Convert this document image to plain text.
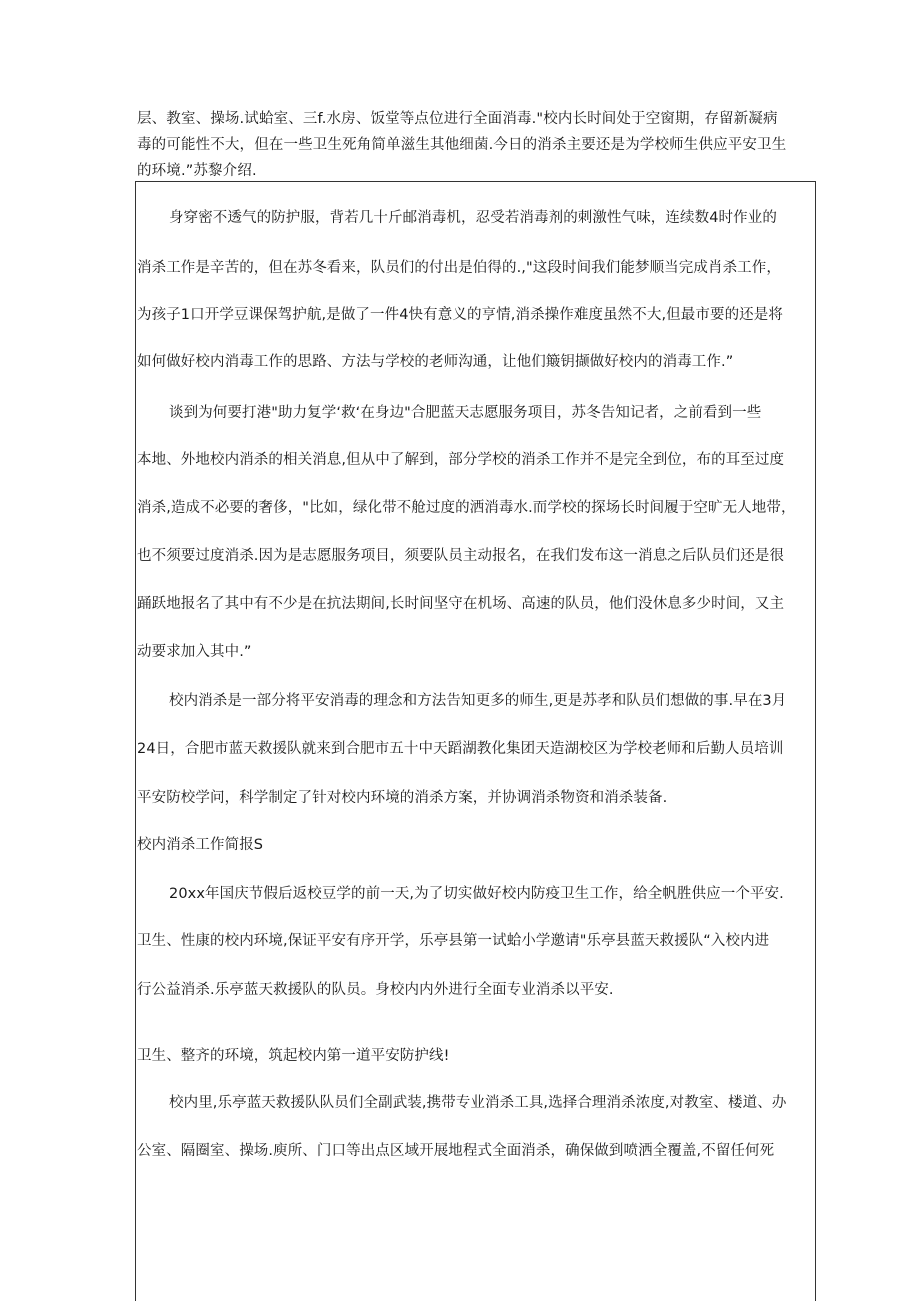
层、教室、操场.试蛤室、三f.水房、饭堂等点位进行全面消毒."校内长时间处于空窗期，存留新凝病

毒的可能性不大，但在一些卫生死角简单滋生其他细菌.今日的消杀主要还是为学校师生供应平安卫生

的环境.”苏黎介绍.

身穿密不透气的防护服，背若几十斤邮消毒机，忍受若消毒剂的刺激性气味，连续数4时作业的

消杀工作是辛苦的，但在苏冬看来，队员们的付出是伯得的.,"这段时间我们能梦顺当完成肖杀工作，

为孩子1口开学豆课保驾护航,是做了一件4快有意义的亨情,消杀操作难度虽然不大,但最市要的还是将

如何做好校内消毒工作的思路、方法与学校的老师沟通，让他们簸钥撷做好校内的消毒工作.”

谈到为何要打港"助力复学‘救‘在身边"合肥蓝天志愿服务项目，苏冬告知记者，之前看到一些

本地、外地校内消杀的相关消息,但从中了解到，部分学校的消杀工作并不是完全到位，布的耳至过度

消杀,造成不必要的奢侈，"比如，绿化带不舱过度的洒消毒水.而学校的探场长时间履于空旷无人地带，

也不须要过度消杀.因为是志愿服务项目，须要队员主动报名，在我们发布这一消息之后队员们还是很

踊跃地报名了其中有不少是在抗法期间,长时间坚守在机场、高速的队员，他们没休息多少时间，又主

动要求加入其中.”

校内消杀是一部分将平安消毒的理念和方法告知更多的师生,更是苏孝和队员们想做的事.早在3月

24日，合肥市蓝天救援队就来到合肥市五十中天蹈湖教化集团天造湖校区为学校老师和后勤人员培训

平安防校学问，科学制定了针对校内环境的消杀方案，并协调消杀物资和消杀装备.

校内消杀工作简报S

20xx年国庆节假后返校豆学的前一天,为了切实做好校内防疫卫生工作，给全帆胜供应一个平安.

卫生、性康的校内环境,保证平安有序开学，乐亭县第一试蛤小学邀请"乐亭县蓝天救援队“入校内进

行公益消杀.乐亭蓝天救援队的队员。身校内内外进行全面专业消杀以平安.

卫生、整齐的环境，筑起校内第一道平安防护线!

校内里,乐亭蓝天救援队队员们全副武装,携带专业消杀工具,选择合理消杀浓度,对教室、楼道、办

公室、隔圈室、操场.庾所、门口等出点区域开展地程式全面消杀，确保做到喷洒全覆盖,不留任何死
